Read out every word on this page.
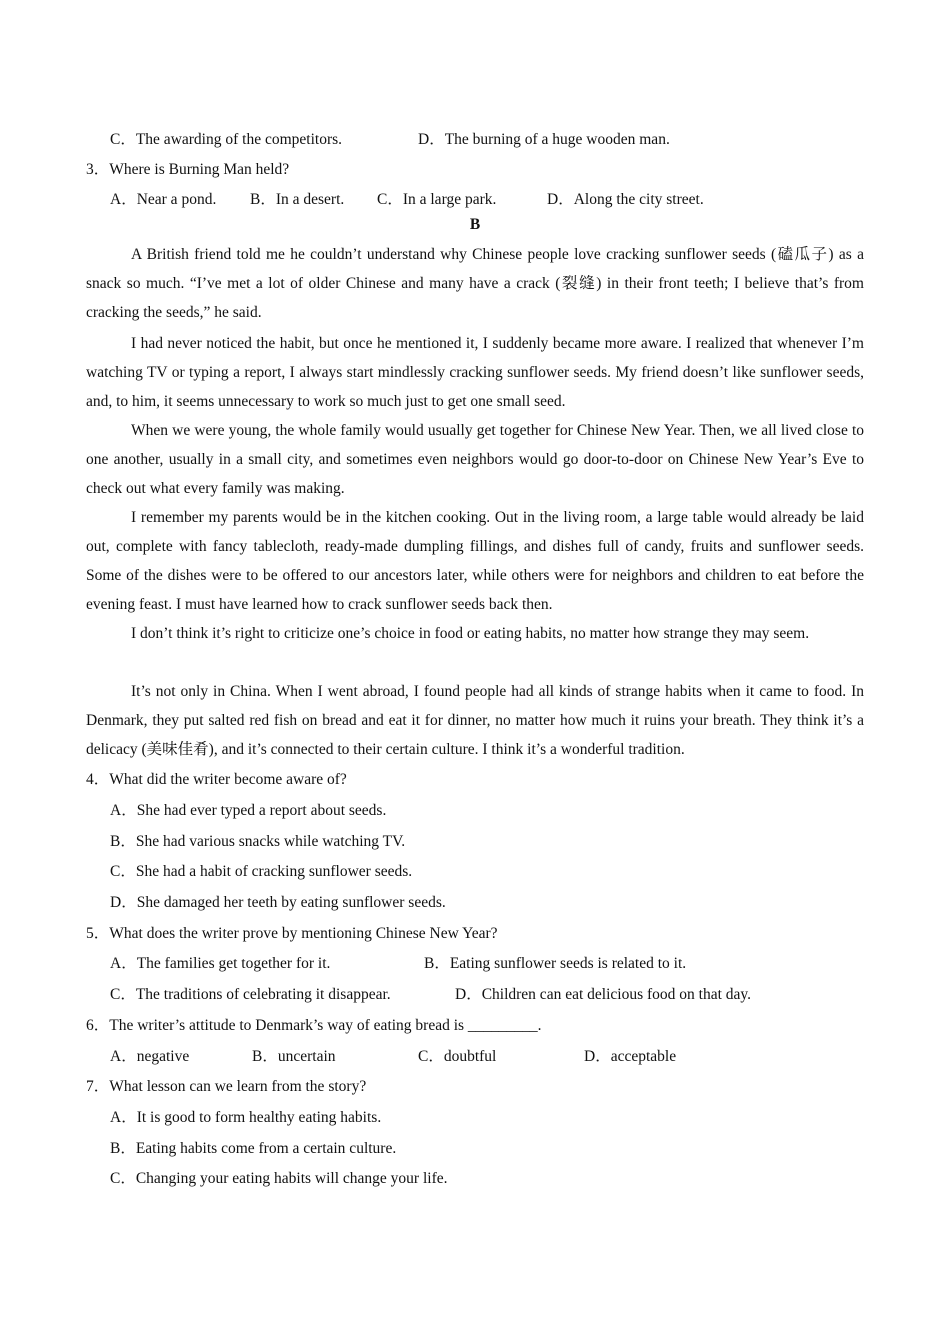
C．The awarding of the competitors.	D．The burning of a huge wooden man.
3．Where is Burning Man held?
A．Near a pond. B．In a desert. C．In a large park.	D．Along the city street.
B

A British friend told me he couldn’t understand why Chinese people love cracking sunflower seeds (磕瓜子) as a snack so much. “I’ve met a lot of older Chinese and many have a crack (裂缝) in their front teeth; I believe that’s from cracking the seeds,” he said.

I had never noticed the habit, but once he mentioned it, I suddenly became more aware. I realized that whenever I’m watching TV or typing a report, I always start mindlessly cracking sunflower seeds. My friend doesn’t like sunflower seeds, and, to him, it seems unnecessary to work so much just to get one small seed.

When we were young, the whole family would usually get together for Chinese New Year. Then, we all lived close to one another, usually in a small city, and sometimes even neighbors would go door-to-door on Chinese New Year’s Eve to check out what every family was making.

I remember my parents would be in the kitchen cooking. Out in the living room, a large table would already be laid out, complete with fancy tablecloth, ready-made dumpling fillings, and dishes full of candy, fruits and sunflower seeds. Some of the dishes were to be offered to our ancestors later, while others were for neighbors and children to eat before the evening feast. I must have learned how to crack sunflower seeds back then.

I don’t think it’s right to criticize one’s choice in food or eating habits, no matter how strange they may seem.

It’s not only in China. When I went abroad, I found people had all kinds of strange habits when it came to food. In Denmark, they put salted red fish on bread and eat it for dinner, no matter how much it ruins your breath. They think it’s a delicacy (美味佳肴), and it’s connected to their certain culture. I think it’s a wonderful tradition.

4．What did the writer become aware of?
A．She had ever typed a report about seeds.
B．She had various snacks while watching TV.
C．She had a habit of cracking sunflower seeds.
D．She damaged her teeth by eating sunflower seeds.
5．What does the writer prove by mentioning Chinese New Year?
A．The families get together for it.	B．Eating sunflower seeds is related to it.
C．The traditions of celebrating it disappear.	D．Children can eat delicious food on that day.
6．The writer’s attitude to Denmark’s way of eating bread is _________.
A．negative	B．uncertain	C．doubtful	D．acceptable
7．What lesson can we learn from the story?
A．It is good to form healthy eating habits.
B．Eating habits come from a certain culture.
C．Changing your eating habits will change your life.
